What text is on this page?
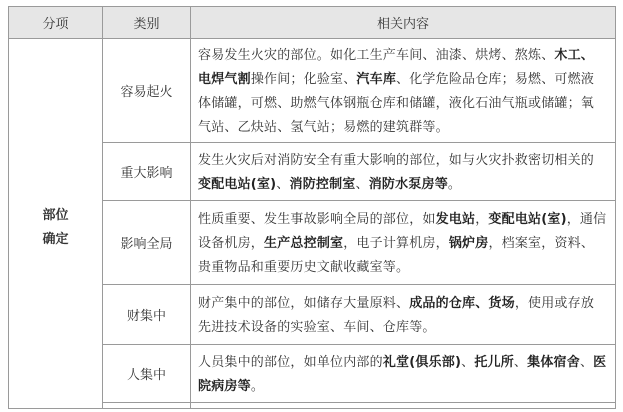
分项	类别	相关内容

部位
确定	容易起火	容易发生火灾的部位。如化工生产车间、油漆、烘烤、熬炼、木工、电焊气割操作间；化验室、汽车库、化学危险品仓库；易燃、可燃液体储罐，可燃、助燃气体钢瓶仓库和储罐，液化石油气瓶或储罐；氧气站、乙炔站、氢气站；易燃的建筑群等。
	重大影响	发生火灾后对消防安全有重大影响的部位，如与火灾扑救密切相关的变配电站(室)、消防控制室、消防水泵房等。
	影响全局	性质重要、发生事故影响全局的部位，如发电站，变配电站(室)，通信设备机房，生产总控制室，电子计算机房，锅炉房，档案室，资料、贵重物品和重要历史文献收藏室等。
	财集中	财产集中的部位，如储存大量原料、成品的仓库、货场，使用或存放先进技术设备的实验室、车间、仓库等。
	人集中	人员集中的部位，如单位内部的礼堂(俱乐部)、托儿所、集体宿舍、医院病房等。
